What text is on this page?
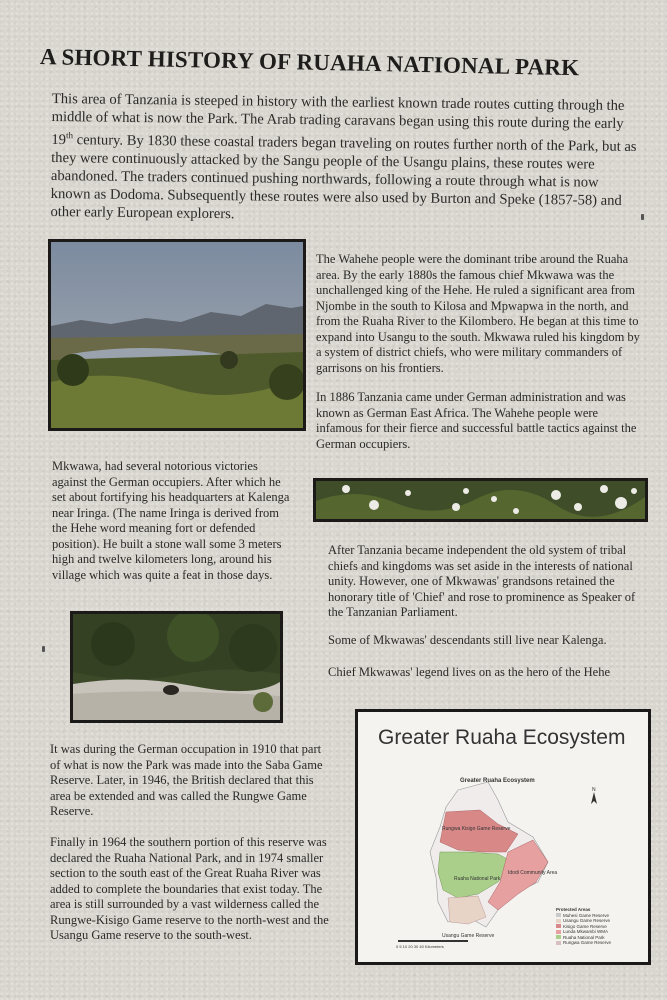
A SHORT HISTORY OF RUAHA NATIONAL PARK
This area of Tanzania is steeped in history with the earliest known trade routes cutting through the middle of what is now the Park. The Arab trading caravans began using this route during the early 19th century. By 1830 these coastal traders began traveling on routes further north of the Park, but as they were continuously attacked by the Sangu people of the Usangu plains, these routes were abandoned. The traders continued pushing northwards, following a route through what is now known as Dodoma. Subsequently these routes were also used by Burton and Speke (1857-58) and other early European explorers.
The Wahehe people were the dominant tribe around the Ruaha area. By the early 1880s the famous chief Mkwawa was the unchallenged king of the Hehe. He ruled a significant area from Njombe in the south to Kilosa and Mpwapwa in the north, and from the Ruaha River to the Kilombero. He began at this time to expand into Usangu to the south. Mkwawa ruled his kingdom by a system of district chiefs, who were military commanders of garrisons on his frontiers.
In 1886 Tanzania came under German administration and was known as German East Africa. The Wahehe people were infamous for their fierce and successful battle tactics against the German occupiers.
Mkwawa, had several notorious victories against the German occupiers. After which he set about fortifying his headquarters at Kalenga near Iringa. (The name Iringa is derived from the Hehe word meaning fort or defended position). He built a stone wall some 3 meters high and twelve kilometers long, around his village which was quite a feat in those days.
After Tanzania became independent the old system of tribal chiefs and kingdoms was set aside in the interests of national unity. However, one of Mkwawas' grandsons retained the honorary title of 'Chief' and rose to prominence as Speaker of the Tanzanian Parliament.
Some of Mkwawas' descendants still live near Kalenga.
Chief Mkwawas' legend lives on as the hero of the Hehe
It was during the German occupation in 1910 that part of what is now the Park was made into the Saba Game Reserve. Later, in 1946, the British declared that this area be extended and was called the Rungwe Game Reserve.
Finally in 1964 the southern portion of this reserve was declared the Ruaha National Park, and in 1974 smaller section to the south east of the Great Ruaha River was added to complete the boundaries that exist today. The area is still surrounded by a vast wilderness called the Rungwe-Kisigo Game reserve to the north-west and the Usangu Game reserve to the south-west.
Greater Ruaha Ecosystem
Greater Ruaha Ecosystem
Rungwa Kisigo Game Reserve
Ruaha National Park
Idodi Community Area
Usangu Game Reserve
N
0 5 10 20 30 40 Kilometers
Protected Areas
Muhesi Game Reserve
Usangu Game Reserve
Kisigo Game Reserve
Lunda Mkwambi WMA
Ruaha National Park
Rungwa Game Reserve
